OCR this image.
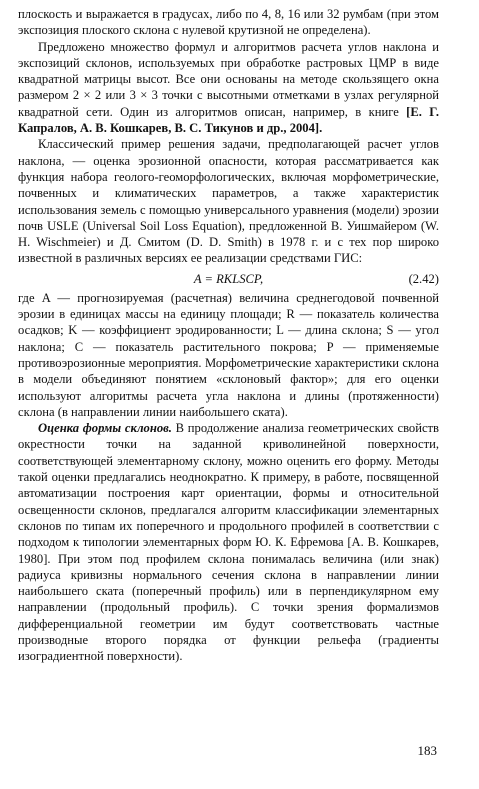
плоскость и выражается в градусах, либо по 4, 8, 16 или 32 румбам (при этом экспозиция плоского склона с нулевой крутизной не определена).

Предложено множество формул и алгоритмов расчета углов наклона и экспозиций склонов, используемых при обработке растровых ЦМР в виде квадратной матрицы высот. Все они основаны на методе скользящего окна размером 2 × 2 или 3 × 3 точки с высотными отметками в узлах регулярной квадратной сети. Один из алгоритмов описан, например, в книге [Е. Г. Капралов, А. В. Кошкарев, В. С. Тикунов и др., 2004].

Классический пример решения задачи, предполагающей расчет углов наклона, — оценка эрозионной опасности, которая рассматривается как функция набора геолого-геоморфологических, включая морфометрические, почвенных и климатических параметров, а также характеристик использования земель с помощью универсального уравнения (модели) эрозии почв USLE (Universal Soil Loss Equation), предложенной В. Уишмайером (W. H. Wischmeier) и Д. Смитом (D. D. Smith) в 1978 г. и с тех пор широко известной в различных версиях ее реализации средствами ГИС:

A = RKLSCP,	(2.42)

где A — прогнозируемая (расчетная) величина среднегодовой почвенной эрозии в единицах массы на единицу площади; R — показатель количества осадков; K — коэффициент эродированности; L — длина склона; S — угол наклона; C — показатель растительного покрова; P — применяемые противоэрозионные мероприятия. Морфометрические характеристики склона в модели объединяют понятием «склоновый фактор»; для его оценки используют алгоритмы расчета угла наклона и длины (протяженности) склона (в направлении линии наибольшего ската).

Оценка формы склонов. В продолжение анализа геометрических свойств окрестности точки на заданной криволинейной поверхности, соответствующей элементарному склону, можно оценить его форму. Методы такой оценки предлагались неоднократно. К примеру, в работе, посвященной автоматизации построения карт ориентации, формы и относительной освещенности склонов, предлагался алгоритм классификации элементарных склонов по типам их поперечного и продольного профилей в соответствии с подходом к типологии элементарных форм Ю. К. Ефремова [А. В. Кошкарев, 1980]. При этом под профилем склона понималась величина (или знак) радиуса кривизны нормального сечения склона в направлении линии наибольшего ската (поперечный профиль) или в перпендикулярном ему направлении (продольный профиль). С точки зрения формализмов дифференциальной геометрии им будут соответствовать частные производные второго порядка от функции рельефа (градиенты изоградиентной поверхности).

183
